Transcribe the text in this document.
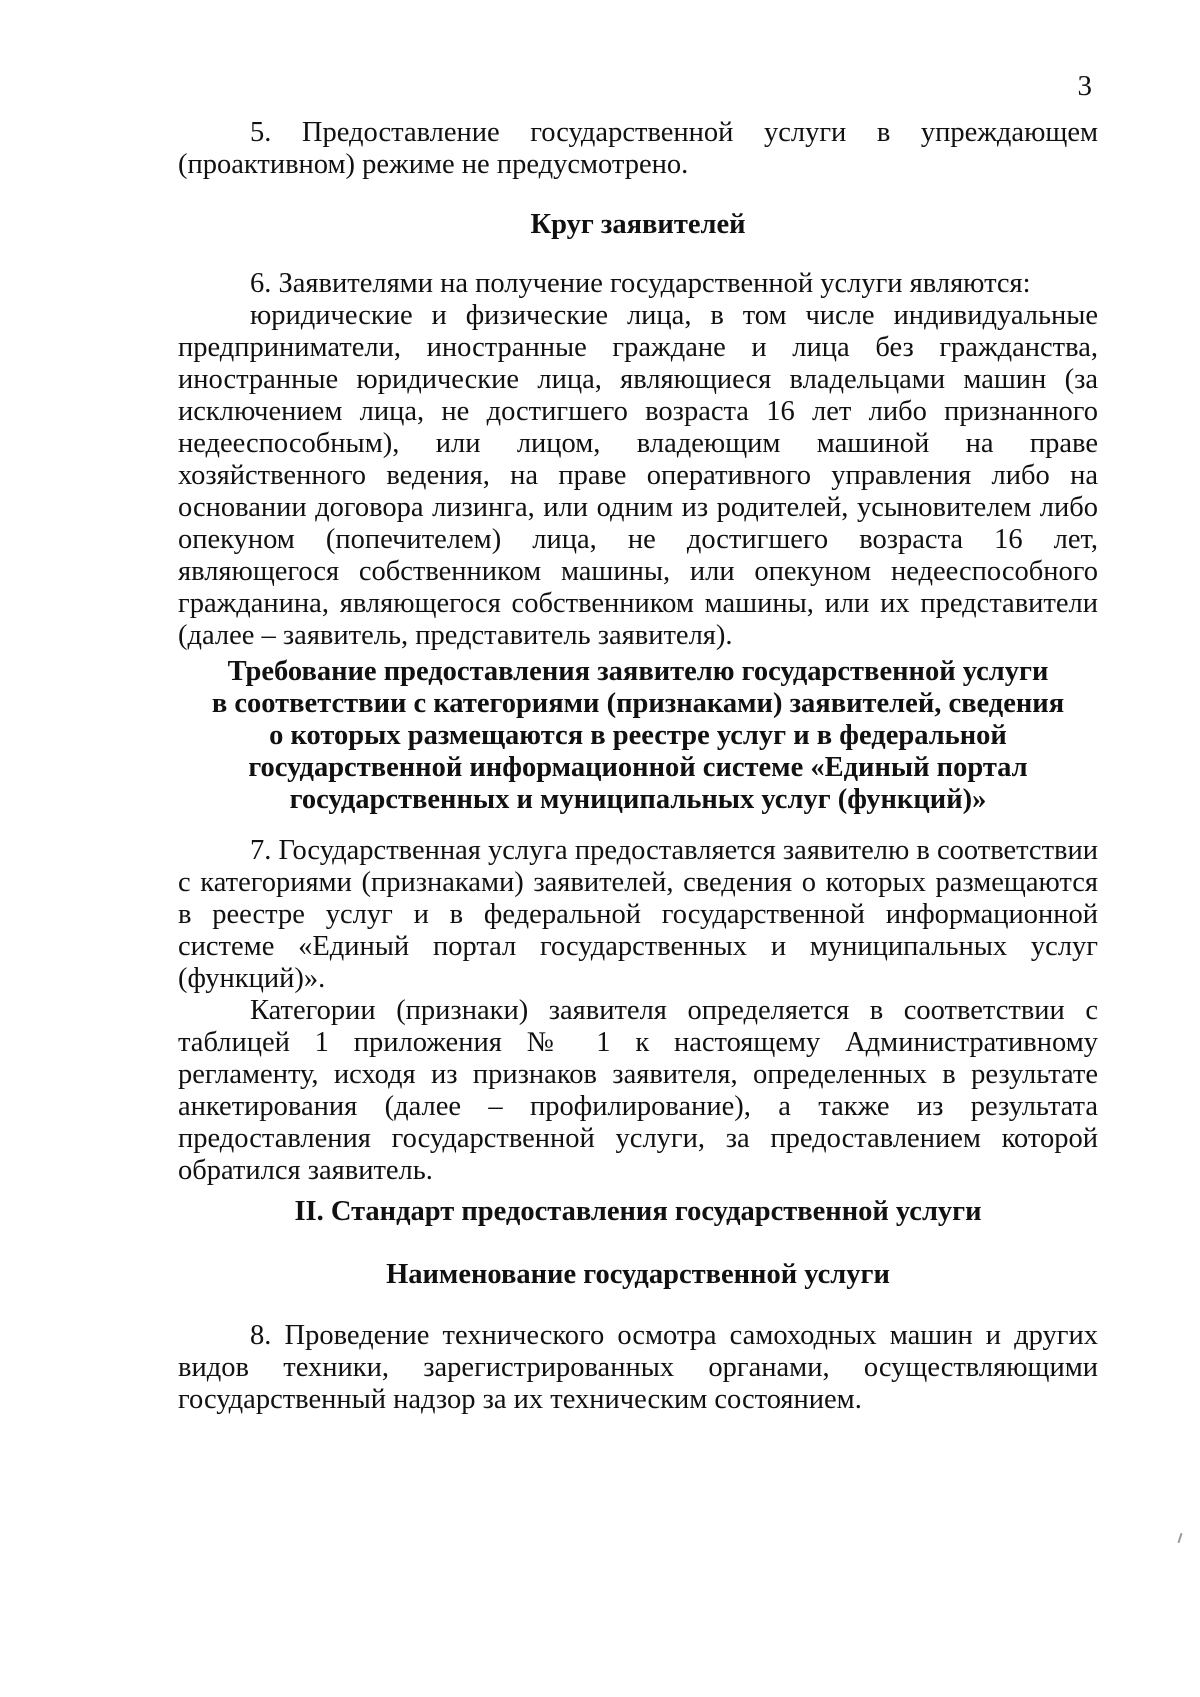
3

5. Предоставление государственной услуги в упреждающем (проактивном) режиме не предусмотрено.

Круг заявителей

6. Заявителями на получение государственной услуги являются:

юридические и физические лица, в том числе индивидуальные предприниматели, иностранные граждане и лица без гражданства, иностранные юридические лица, являющиеся владельцами машин (за исключением лица, не достигшего возраста 16 лет либо признанного недееспособным), или лицом, владеющим машиной на праве хозяйственного ведения, на праве оперативного управления либо на основании договора лизинга, или одним из родителей, усыновителем либо опекуном (попечителем) лица, не достигшего возраста 16 лет, являющегося собственником машины, или опекуном недееспособного гражданина, являющегося собственником машины, или их представители (далее – заявитель, представитель заявителя).

Требование предоставления заявителю государственной услуги
в соответствии с категориями (признаками) заявителей, сведения
о которых размещаются в реестре услуг и в федеральной
государственной информационной системе «Единый портал
государственных и муниципальных услуг (функций)»

7. Государственная услуга предоставляется заявителю в соответствии с категориями (признаками) заявителей, сведения о которых размещаются в реестре услуг и в федеральной государственной информационной системе «Единый портал государственных и муниципальных услуг (функций)».

Категории (признаки) заявителя определяется в соответствии с таблицей 1 приложения № 1 к настоящему Административному регламенту, исходя из признаков заявителя, определенных в результате анкетирования (далее – профилирование), а также из результата предоставления государственной услуги, за предоставлением которой обратился заявитель.

II. Стандарт предоставления государственной услуги

Наименование государственной услуги

8. Проведение технического осмотра самоходных машин и других видов техники, зарегистрированных органами, осуществляющими государственный надзор за их техническим состоянием.
